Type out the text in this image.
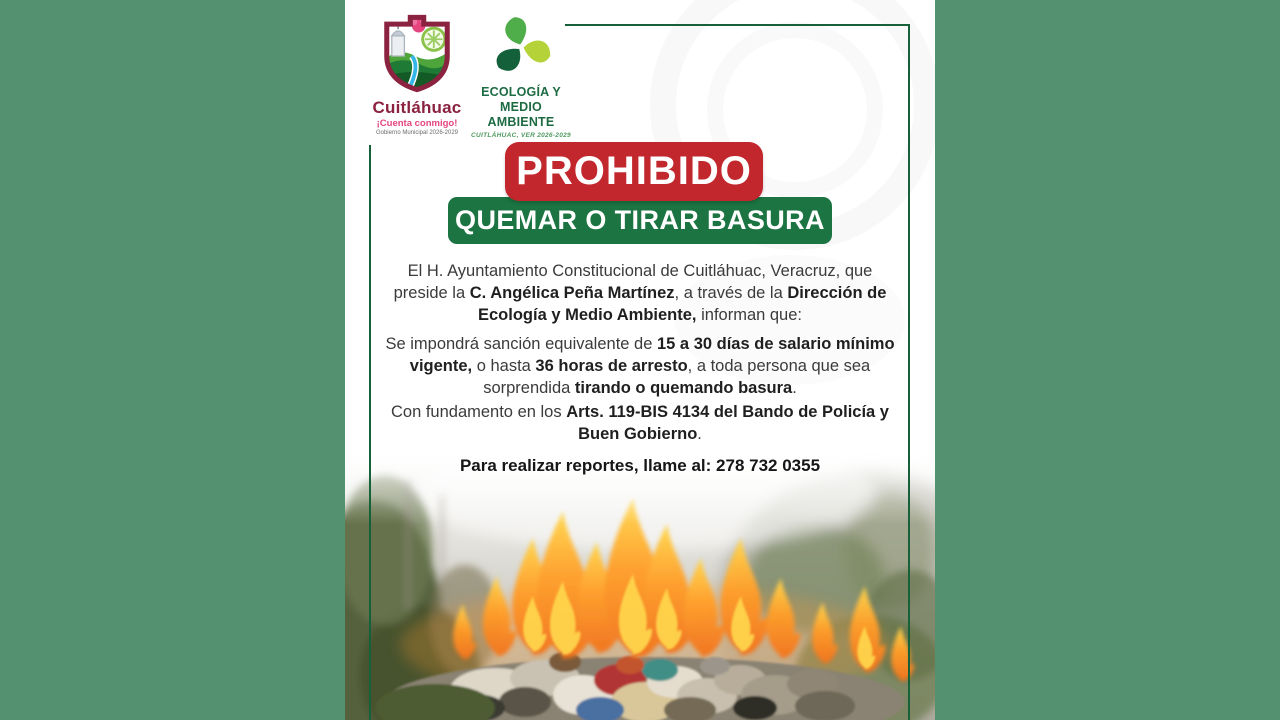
Cuitláhuac
¡Cuenta conmigo!
Gobierno Municipal 2026-2029
ECOLOGÍA Y
MEDIO AMBIENTE
CUITLÁHUAC, VER 2026-2029
PROHIBIDO
QUEMAR O TIRAR BASURA
El H. Ayuntamiento Constitucional de Cuitláhuac, Veracruz, que preside la C. Angélica Peña Martínez, a través de la Dirección de Ecología y Medio Ambiente, informan que:
Se impondrá sanción equivalente de 15 a 30 días de salario mínimo vigente, o hasta 36 horas de arresto, a toda persona que sea sorprendida tirando o quemando basura.
Con fundamento en los Arts. 119-BIS 4134 del Bando de Policía y Buen Gobierno.
Para realizar reportes, llame al: 278 732 0355
